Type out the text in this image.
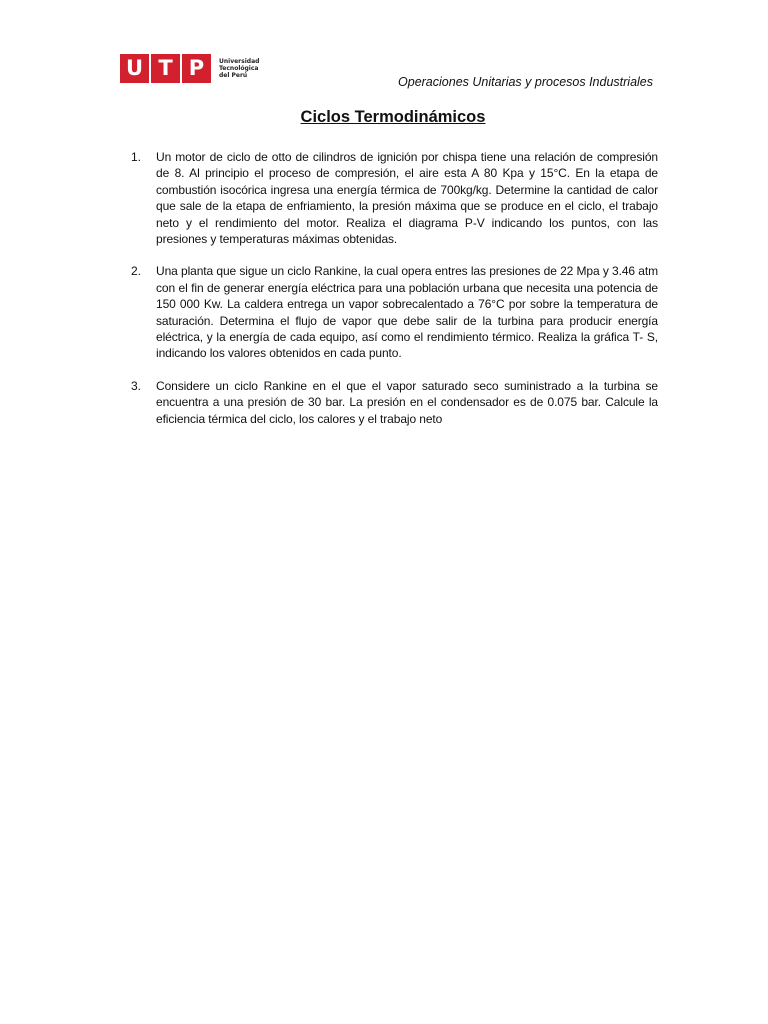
U T P	Universidad
Tecnológica
del Perú	Operaciones Unitarias y procesos Industriales
Ciclos Termodinámicos
1.	Un motor de ciclo de otto de cilindros de ignición por chispa tiene una relación de compresión de 8. Al principio el proceso de compresión, el aire esta A 80 Kpa y 15°C. En la etapa de combustión isocórica ingresa una energía térmica de 700kg/kg. Determine la cantidad de calor que sale de la etapa de enfriamiento, la presión máxima que se produce en el ciclo, el trabajo neto y el rendimiento del motor. Realiza el diagrama P-V indicando los puntos, con las presiones y temperaturas máximas obtenidas.
2.	Una planta que sigue un ciclo Rankine, la cual opera entres las presiones de 22 Mpa y 3.46 atm con el fin de generar energía eléctrica para una población urbana que necesita una potencia de 150 000 Kw. La caldera entrega un vapor sobrecalentado a 76°C por sobre la temperatura de saturación. Determina el flujo de vapor que debe salir de la turbina para producir energía eléctrica, y la energía de cada equipo, así como el rendimiento térmico. Realiza la gráfica T- S, indicando los valores obtenidos en cada punto.
3.	Considere un ciclo Rankine en el que el vapor saturado seco suministrado a la turbina se encuentra a una presión de 30 bar. La presión en el condensador es de 0.075 bar. Calcule la eficiencia térmica del ciclo, los calores y el trabajo neto
